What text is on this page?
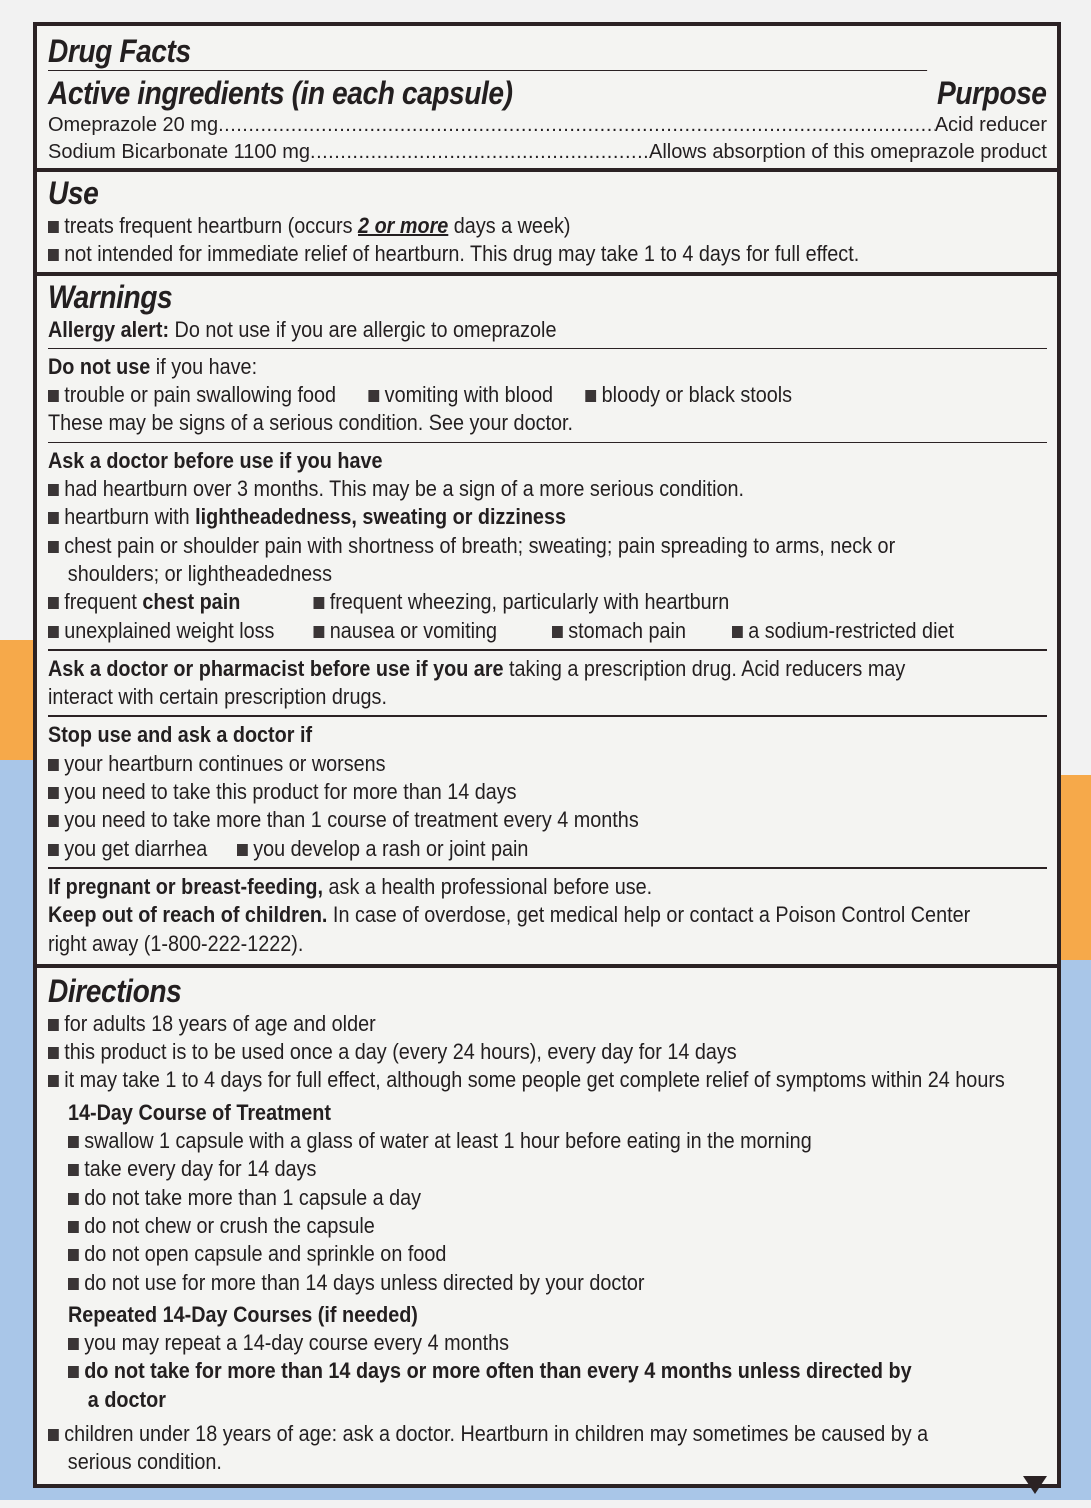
Drug Facts
Active ingredients (in each capsule)	Purpose
Omeprazole 20 mg .....	Acid reducer
Sodium Bicarbonate 1100 mg .....	Allows absorption of this omeprazole product
Use
treats frequent heartburn (occurs 2 or more days a week)
not intended for immediate relief of heartburn. This drug may take 1 to 4 days for full effect.
Warnings
Allergy alert: Do not use if you are allergic to omeprazole
Do not use if you have:
trouble or pain swallowing food vomiting with blood bloody or black stools
These may be signs of a serious condition. See your doctor.
Ask a doctor before use if you have
had heartburn over 3 months. This may be a sign of a more serious condition.
heartburn with lightheadedness, sweating or dizziness
chest pain or shoulder pain with shortness of breath; sweating; pain spreading to arms, neck or
shoulders; or lightheadedness
frequent chest pain	frequent wheezing, particularly with heartburn
unexplained weight loss	nausea or vomiting	stomach pain	a sodium-restricted diet
Ask a doctor or pharmacist before use if you are taking a prescription drug. Acid reducers may
interact with certain prescription drugs.
Stop use and ask a doctor if
your heartburn continues or worsens
you need to take this product for more than 14 days
you need to take more than 1 course of treatment every 4 months
you get diarrhea you develop a rash or joint pain
If pregnant or breast-feeding, ask a health professional before use.
Keep out of reach of children. In case of overdose, get medical help or contact a Poison Control Center
right away (1-800-222-1222).
Directions
for adults 18 years of age and older
this product is to be used once a day (every 24 hours), every day for 14 days
it may take 1 to 4 days for full effect, although some people get complete relief of symptoms within 24 hours
14-Day Course of Treatment
swallow 1 capsule with a glass of water at least 1 hour before eating in the morning
take every day for 14 days
do not take more than 1 capsule a day
do not chew or crush the capsule
do not open capsule and sprinkle on food
do not use for more than 14 days unless directed by your doctor
Repeated 14-Day Courses (if needed)
you may repeat a 14-day course every 4 months
do not take for more than 14 days or more often than every 4 months unless directed by
a doctor
children under 18 years of age: ask a doctor. Heartburn in children may sometimes be caused by a
serious condition.
